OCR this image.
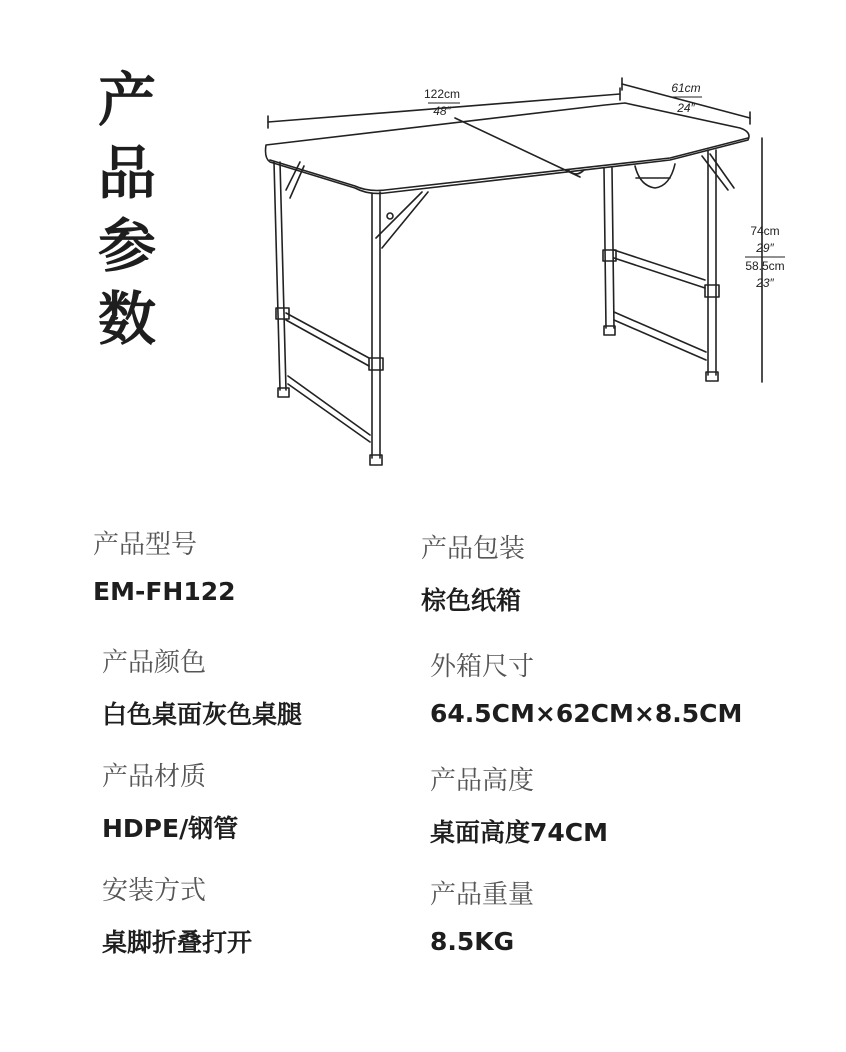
产
品
参
数
122cm
48″
61cm
24″
74cm
29″
58.5cm
23″
产品型号
EM-FH122
产品包装
棕色纸箱
产品颜色
白色桌面灰色桌腿
外箱尺寸
64.5CM×62CM×8.5CM
产品材质
HDPE/钢管
产品高度
桌面高度74CM
安装方式
桌脚折叠打开
产品重量
8.5KG
